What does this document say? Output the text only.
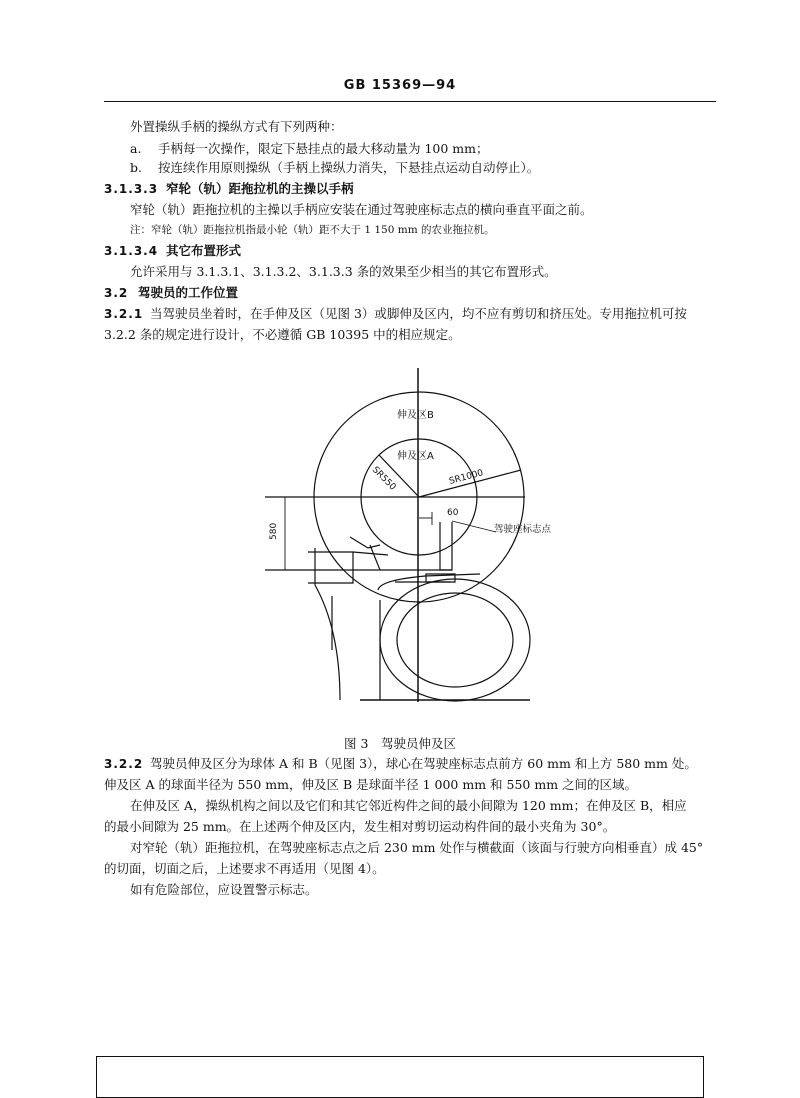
GB 15369—94
外置操纵手柄的操纵方式有下列两种：
a. 手柄每一次操作，限定下悬挂点的最大移动量为 100 mm；
b. 按连续作用原则操纵（手柄上操纵力消失，下悬挂点运动自动停止）。
3.1.3.3 窄轮（轨）距拖拉机的主操以手柄
窄轮（轨）距拖拉机的主操以手柄应安装在通过驾驶座标志点的横向垂直平面之前。
注：窄轮（轨）距拖拉机指最小轮（轨）距不大于 1 150 mm 的农业拖拉机。
3.1.3.4 其它布置形式
允许采用与 3.1.3.1、3.1.3.2、3.1.3.3 条的效果至少相当的其它布置形式。
3.2 驾驶员的工作位置
3.2.1 当驾驶员坐着时，在手伸及区（见图 3）或脚伸及区内，均不应有剪切和挤压处。专用拖拉机可按
3.2.2 条的规定进行设计，不必遵循 GB 10395 中的相应规定。
伸及区B
伸及区A
SR550	SR1000
60
580	驾驶座标志点
图 3　驾驶员伸及区
3.2.2 驾驶员伸及区分为球体 A 和 B（见图 3），球心在驾驶座标志点前方 60 mm 和上方 580 mm 处。
伸及区 A 的球面半径为 550 mm，伸及区 B 是球面半径 1 000 mm 和 550 mm 之间的区域。
在伸及区 A，操纵机构之间以及它们和其它邻近构件之间的最小间隙为 120 mm；在伸及区 B，相应
的最小间隙为 25 mm。在上述两个伸及区内，发生相对剪切运动构件间的最小夹角为 30°。
对窄轮（轨）距拖拉机，在驾驶座标志点之后 230 mm 处作与横截面（该面与行驶方向相垂直）成 45°
的切面，切面之后，上述要求不再适用（见图 4）。
如有危险部位，应设置警示标志。
